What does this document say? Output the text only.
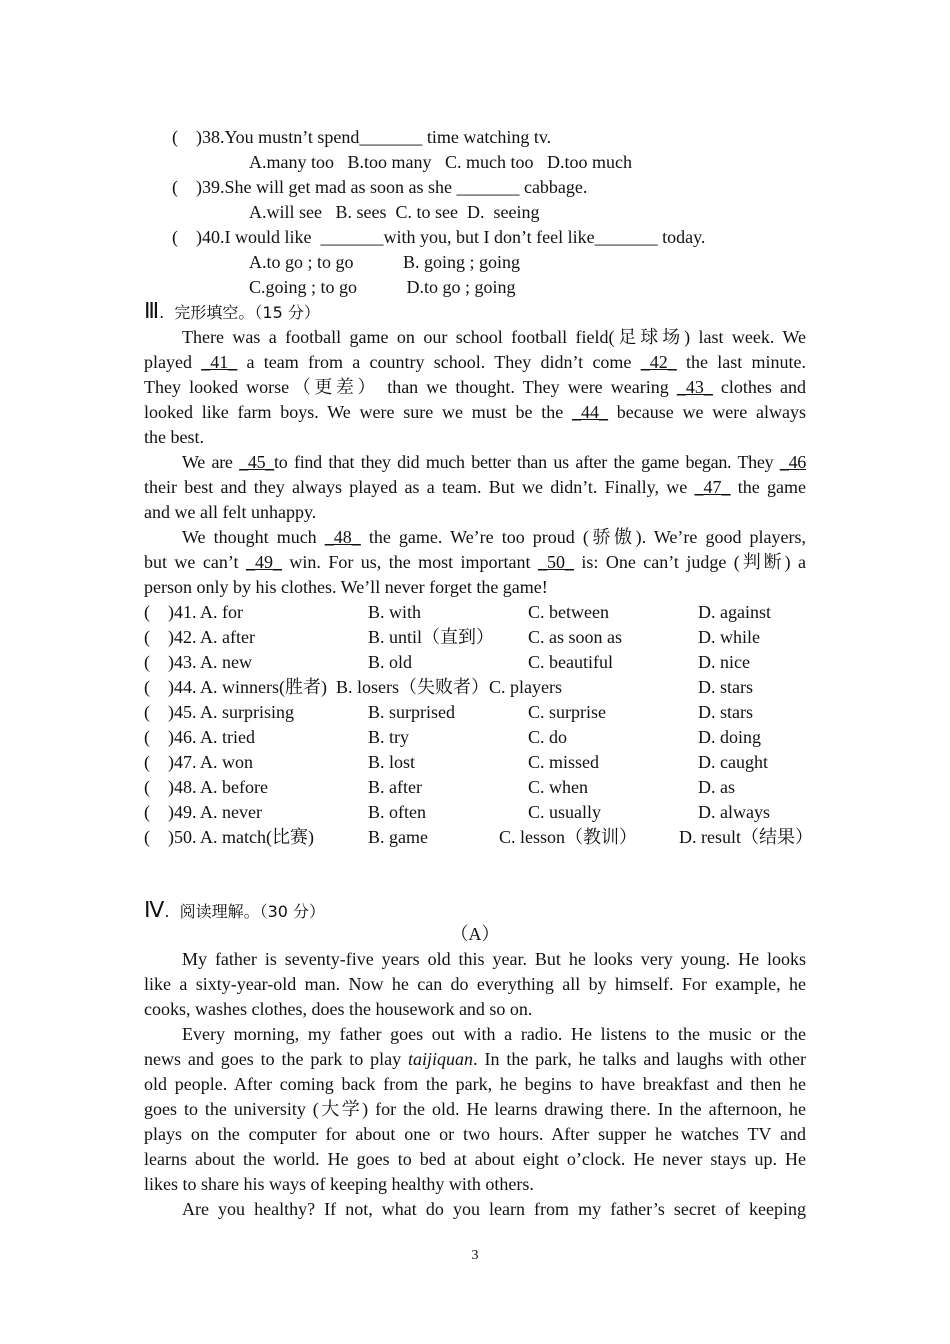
(    )38.You mustn’t spend_______ time watching tv.
A.many too   B.too many   C. much too   D.too much
(    )39.She will get mad as soon as she _______ cabbage.
A.will see   B. sees  C. to see  D.  seeing
(    )40.I would like  _______with you, but I don’t feel like_______ today.
A.to go ; to go           B. going ; going
C.going ; to go           D.to go ; going
Ⅲ.  完形填空。（15 分）
There was a football game on our school football field(足球场) last week. We
played _41_ a team from a country school. They didn’t come _42_ the last minute.
They looked worse（更差） than we thought. They were wearing _43_ clothes and
looked like farm boys. We were sure we must be the _44_ because we were always
the best.
We are _45_to find that they did much better than us after the game began. They _46
their best and they always played as a team. But we didn’t. Finally, we _47_ the game
and we all felt unhappy.
We thought much _48_ the game. We’re too proud (骄傲). We’re good players,
but we can’t _49_ win. For us, the most important _50_ is: One can’t judge (判断) a
person only by his clothes. We’ll never forget the game!
(    )41. A. for	B. with	C. between	D. against
(    )42. A. after	B. until（直到） C. as soon as	D. while
(    )43. A. new	B. old	C. beautiful	D. nice
(    )44. A. winners(胜者)  B. losers（失败者）C. players	D. stars
(    )45. A. surprising	B. surprised	C. surprise	D. stars
(    )46. A. tried	B. try	C. do	D. doing
(    )47. A. won	B. lost	C. missed	D. caught
(    )48. A. before	B. after	C. when	D. as
(    )49. A. never	B. often	C. usually	D. always
(    )50. A. match(比赛)	B. game	C. lesson（教训） D. result（结果）
Ⅳ.  阅读理解。（30 分）
（A）
My father is seventy-five years old this year. But he looks very young. He looks
like a sixty-year-old man. Now he can do everything all by himself. For example, he
cooks, washes clothes, does the housework and so on.
Every morning, my father goes out with a radio. He listens to the music or the
news and goes to the park to play taijiquan. In the park, he talks and laughs with other
old people. After coming back from the park, he begins to have breakfast and then he
goes to the university (大学) for the old. He learns drawing there. In the afternoon, he
plays on the computer for about one or two hours. After supper he watches TV and
learns about the world. He goes to bed at about eight o’clock. He never stays up. He
likes to share his ways of keeping healthy with others.
Are you healthy? If not, what do you learn from my father’s secret of keeping
3
